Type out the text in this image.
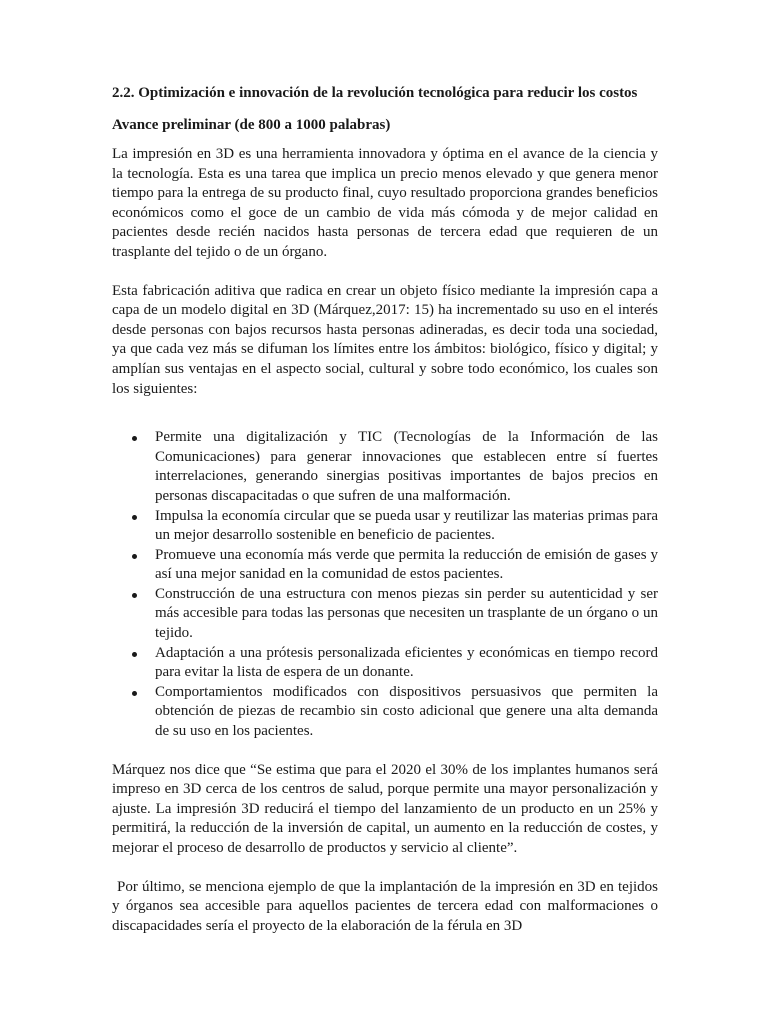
2.2. Optimización e innovación de la revolución tecnológica para reducir los costos
Avance preliminar (de 800 a 1000 palabras)

La impresión en 3D es una herramienta innovadora y óptima en el avance de la ciencia y la tecnología. Esta es una tarea que implica un precio menos elevado y que genera menor tiempo para la entrega de su producto final, cuyo resultado proporciona grandes beneficios económicos como el goce de un cambio de vida más cómoda y de mejor calidad en pacientes desde recién nacidos hasta personas de tercera edad que requieren de un trasplante del tejido o de un órgano.

Esta fabricación aditiva que radica en crear un objeto físico mediante la impresión capa a capa de un modelo digital en 3D (Márquez,2017: 15) ha incrementado su uso en el interés desde personas con bajos recursos hasta personas adineradas, es decir toda una sociedad, ya que cada vez más se difuman los límites entre los ámbitos: biológico, físico y digital; y amplían sus ventajas en el aspecto social, cultural y sobre todo económico, los cuales son los siguientes:

Permite una digitalización y TIC (Tecnologías de la Información de las Comunicaciones) para generar innovaciones que establecen entre sí fuertes interrelaciones, generando sinergias positivas importantes de bajos precios en personas discapacitadas o que sufren de una malformación.
Impulsa la economía circular que se pueda usar y reutilizar las materias primas para un mejor desarrollo sostenible en beneficio de pacientes.
Promueve una economía más verde que permita la reducción de emisión de gases y así una mejor sanidad en la comunidad de estos pacientes.
Construcción de una estructura con menos piezas sin perder su autenticidad y ser más accesible para todas las personas que necesiten un trasplante de un órgano o un tejido.
Adaptación a una prótesis personalizada eficientes y económicas en tiempo record para evitar la lista de espera de un donante.
Comportamientos modificados con dispositivos persuasivos que permiten la obtención de piezas de recambio sin costo adicional que genere una alta demanda de su uso en los pacientes.

Márquez nos dice que “Se estima que para el 2020 el 30% de los implantes humanos será impreso en 3D cerca de los centros de salud, porque permite una mayor personalización y ajuste. La impresión 3D reducirá el tiempo del lanzamiento de un producto en un 25% y permitirá, la reducción de la inversión de capital, un aumento en la reducción de costes, y mejorar el proceso de desarrollo de productos y servicio al cliente”.

Por último, se menciona ejemplo de que la implantación de la impresión en 3D en tejidos y órganos sea accesible para aquellos pacientes de tercera edad con malformaciones o discapacidades sería el proyecto de la elaboración de la férula en 3D
